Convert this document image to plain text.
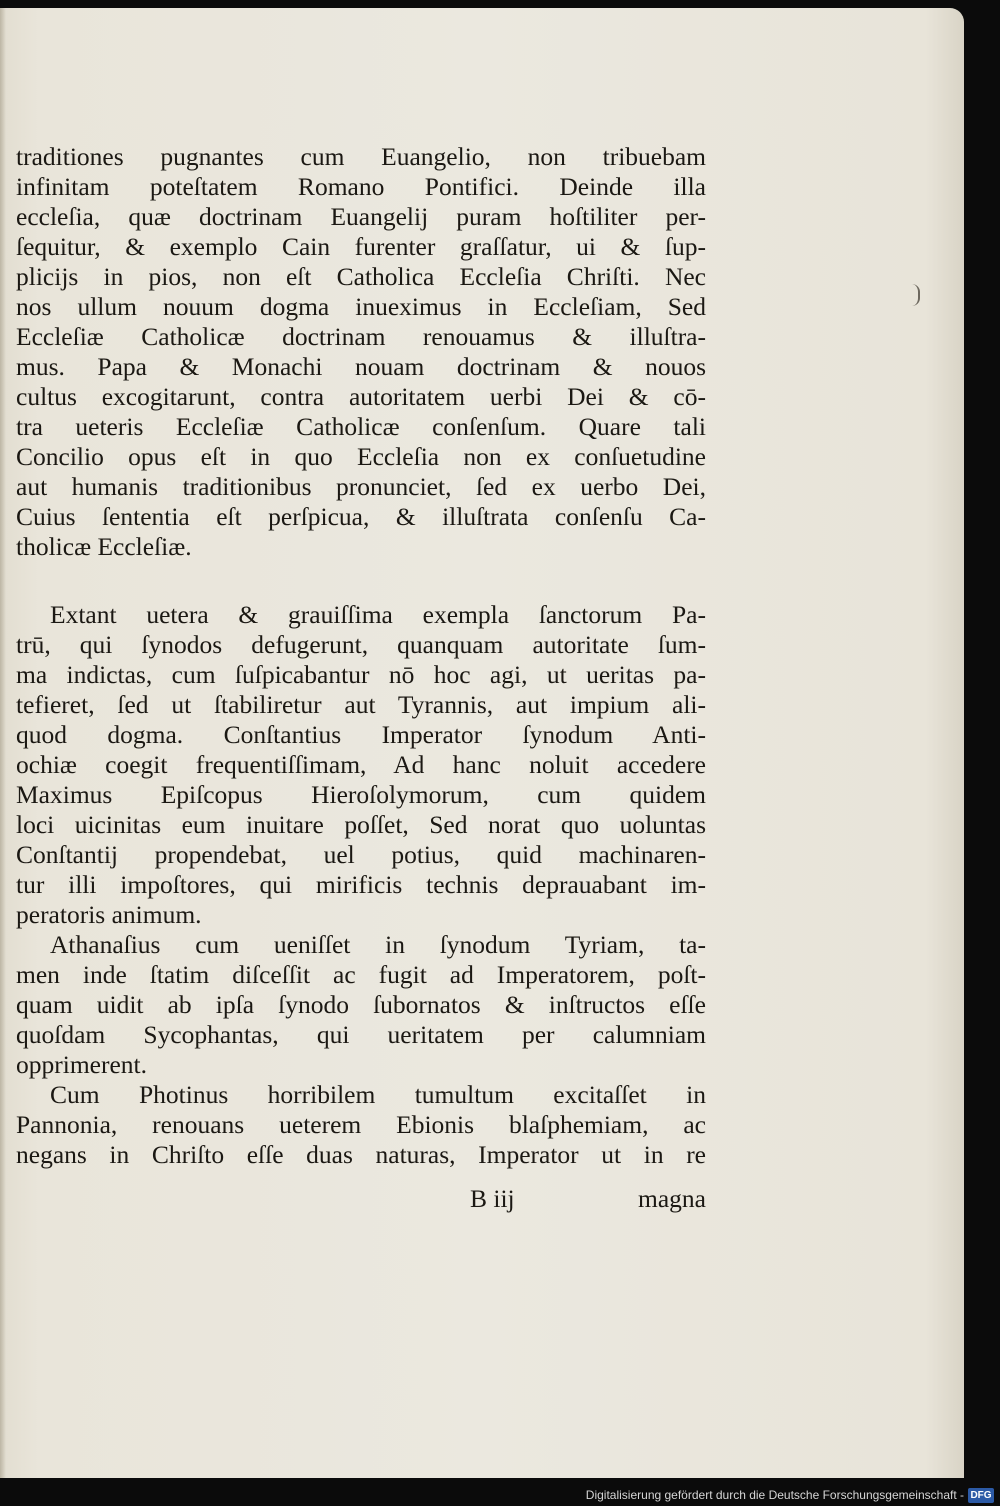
traditiones pugnantes cum Euangelio, non tribuebam
infinitam poteſtatem Romano Pontifici. Deinde illa
eccleſia, quæ doctrinam Euangelij puram hoſtiliter per-
ſequitur, & exemplo Cain furenter graſſatur, ui & ſup-
plicijs in pios, non eſt Catholica Eccleſia Chriſti. Nec
nos ullum nouum dogma inueximus in Eccleſiam, Sed
Eccleſiæ Catholicæ doctrinam renouamus & illuſtra-
mus. Papa & Monachi nouam doctrinam & nouos
cultus excogitarunt, contra autoritatem uerbi Dei & cō-
tra ueteris Eccleſiæ Catholicæ conſenſum. Quare tali
Concilio opus eſt in quo Eccleſia non ex conſuetudine
aut humanis traditionibus pronunciet, ſed ex uerbo Dei,
Cuius ſententia eſt perſpicua, & illuſtrata conſenſu Ca-
tholicæ Eccleſiæ.
Extant uetera & grauiſſima exempla ſanctorum Pa-
trū, qui ſynodos defugerunt, quanquam autoritate ſum-
ma indictas, cum ſuſpicabantur nō hoc agi, ut ueritas pa-
tefieret, ſed ut ſtabiliretur aut Tyrannis, aut impium ali-
quod dogma. Conſtantius Imperator ſynodum Anti-
ochiæ coegit frequentiſſimam, Ad hanc noluit accedere
Maximus Epiſcopus Hieroſolymorum, cum quidem
loci uicinitas eum inuitare poſſet, Sed norat quo uoluntas
Conſtantij propendebat, uel potius, quid machinaren-
tur illi impoſtores, qui mirificis technis deprauabant im-
peratoris animum.
Athanaſius cum ueniſſet in ſynodum Tyriam, ta-
men inde ſtatim diſceſſit ac fugit ad Imperatorem, poſt-
quam uidit ab ipſa ſynodo ſubornatos & inſtructos eſſe
quoſdam Sycophantas, qui ueritatem per calumniam
opprimerent.
Cum Photinus horribilem tumultum excitaſſet in
Pannonia, renouans ueterem Ebionis blaſphemiam, ac
negans in Chriſto eſſe duas naturas, Imperator ut in re
B iij	magna
Digitalisierung gefördert durch die Deutsche Forschungsgemeinschaft - DFG
